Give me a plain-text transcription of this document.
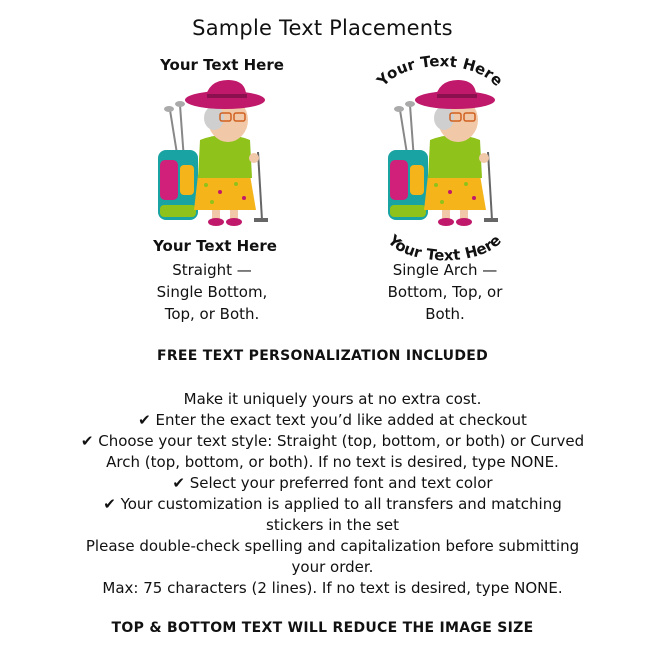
Sample Text Placements
Your Text Here
Your Text Here
Straight —
Single Bottom,
Top, or Both.
Your Text Here
Your Text Here
Single Arch —
Bottom, Top, or
Both.
FREE TEXT PERSONALIZATION INCLUDED
Make it uniquely yours at no extra cost.
✔ Enter the exact text you’d like added at checkout
✔ Choose your text style: Straight (top, bottom, or both) or Curved
Arch (top, bottom, or both). If no text is desired, type NONE.
✔ Select your preferred font and text color
✔ Your customization is applied to all transfers and matching
stickers in the set
Please double-check spelling and capitalization before submitting
your order.
Max: 75 characters (2 lines). If no text is desired, type NONE.
TOP & BOTTOM TEXT WILL REDUCE THE IMAGE SIZE
